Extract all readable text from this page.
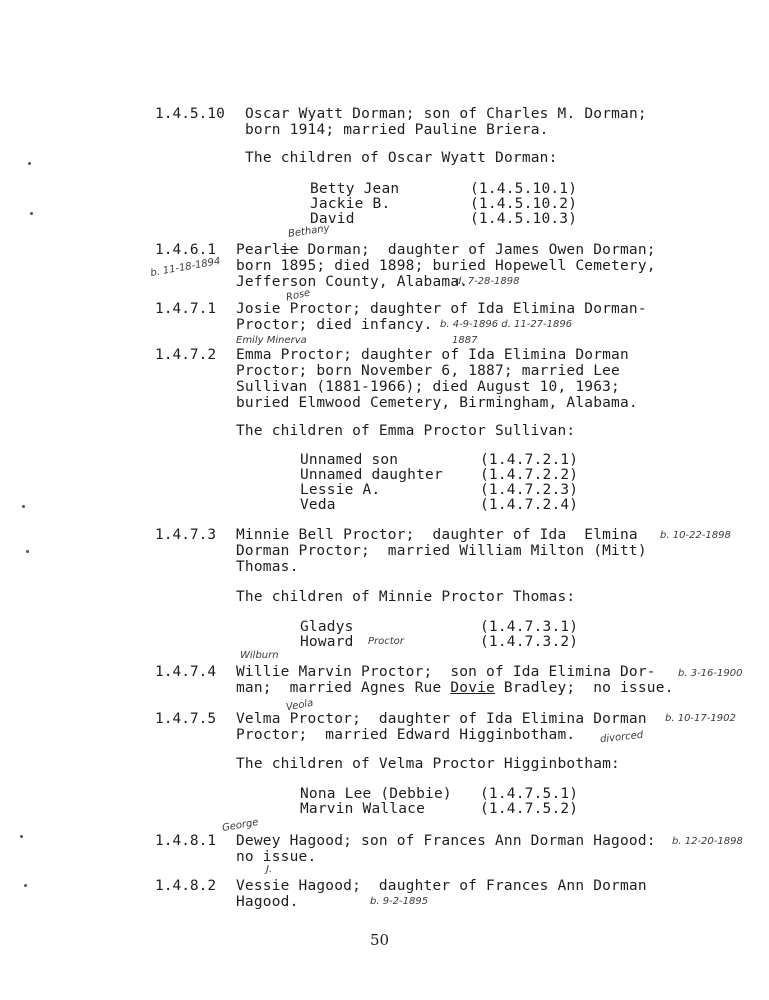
1.4.5.10 Oscar Wyatt Dorman; son of Charles M. Dorman;
born 1914; married Pauline Briera.
The children of Oscar Wyatt Dorman:
Betty Jean	(1.4.5.10.1)
Jackie B.	(1.4.5.10.2)
David	(1.4.5.10.3)
Bethany
1.4.6.1 Pearlie Dorman;  daughter of James Owen Dorman;
b. 11-18-1894 born 1895; died 1898; buried Hopewell Cemetery,
Jefferson County, Alabama.
d. 7-28-1898
Rose
1.4.7.1 Josie Proctor; daughter of Ida Elimina Dorman-
Proctor; died infancy. b. 4-9-1896 d. 11-27-1896
Emily Minerva	1887
1.4.7.2 Emma Proctor; daughter of Ida Elimina Dorman
Proctor; born November 6, 1887; married Lee
Sullivan (1881-1966); died August 10, 1963;
buried Elmwood Cemetery, Birmingham, Alabama.
The children of Emma Proctor Sullivan:
Unnamed son	(1.4.7.2.1)
Unnamed daughter	(1.4.7.2.2)
Lessie A.	(1.4.7.2.3)
Veda	(1.4.7.2.4)
1.4.7.3 Minnie Bell Proctor;  daughter of Ida  Elmina b. 10-22-1898
Dorman Proctor;  married William Milton (Mitt)
Thomas.
The children of Minnie Proctor Thomas:
Gladys	(1.4.7.3.1)
Howard Proctor	(1.4.7.3.2)
Wilburn
1.4.7.4 Willie Marvin Proctor;  son of Ida Elimina Dor- b. 3-16-1900
man;  married Agnes Rue Dovie Bradley;  no issue.
Veola
1.4.7.5 Velma Proctor;  daughter of Ida Elimina Dorman b. 10-17-1902
Proctor;  married Edward Higginbotham. divorced
The children of Velma Proctor Higginbotham:
Nona Lee (Debbie) (1.4.7.5.1)
Marvin Wallace	(1.4.7.5.2)
George
1.4.8.1 Dewey Hagood; son of Frances Ann Dorman Hagood: b. 12-20-1898
no issue.
J.
1.4.8.2 Vessie Hagood;  daughter of Frances Ann Dorman
Hagood.	b. 9-2-1895
50
